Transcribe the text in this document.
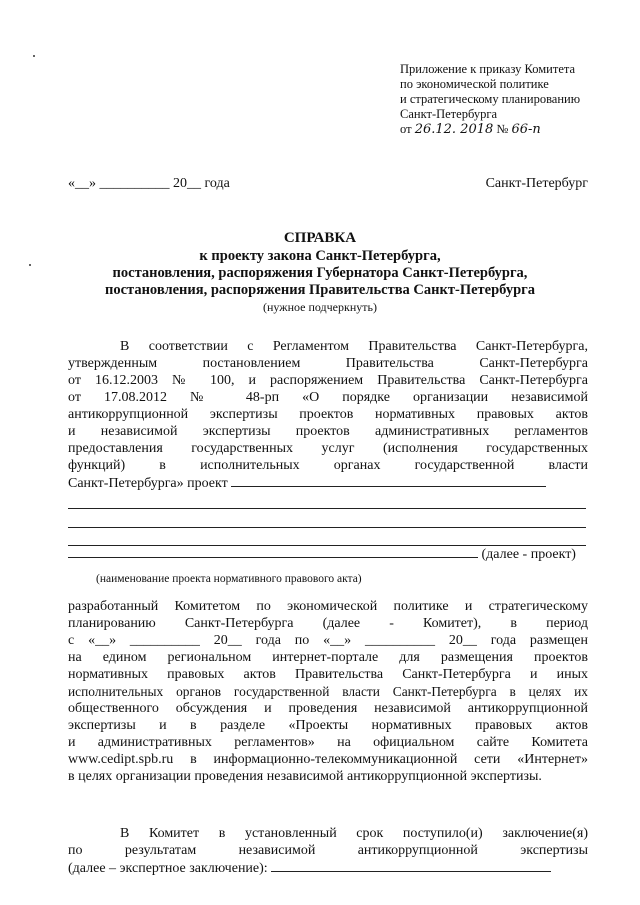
Приложение к приказу Комитета
по экономической политике
и стратегическому планированию
Санкт-Петербурга
от 26.12. 2018 № 66-п
«__» __________ 20__ года	Санкт-Петербург
СПРАВКА
к проекту закона Санкт-Петербурга,
постановления, распоряжения Губернатора Санкт-Петербурга,
постановления, распоряжения Правительства Санкт-Петербурга
(нужное подчеркнуть)
В соответствии с Регламентом Правительства Санкт-Петербурга,
утвержденным постановлением Правительства Санкт-Петербурга
от 16.12.2003 № 100, и распоряжением Правительства Санкт-Петербурга
от 17.08.2012 № 48-рп «О порядке организации независимой
антикоррупционной экспертизы проектов нормативных правовых актов
и независимой экспертизы проектов административных регламентов
предоставления государственных услуг (исполнения государственных
функций) в исполнительных органах государственной власти
Санкт-Петербурга» проект
(далее - проект)
(наименование проекта нормативного правового акта)
разработанный Комитетом по экономической политике и стратегическому
планированию Санкт-Петербурга (далее - Комитет), в период
с «__» __________ 20__ года по «__» __________ 20__ года размещен
на едином региональном интернет-портале для размещения проектов
нормативных правовых актов Правительства Санкт-Петербурга и иных
исполнительных органов государственной власти Санкт-Петербурга в целях их
общественного обсуждения и проведения независимой антикоррупционной
экспертизы и в разделе «Проекты нормативных правовых актов
и административных регламентов» на официальном сайте Комитета
www.cedipt.spb.ru в информационно-телекоммуникационной сети «Интернет»
в целях организации проведения независимой антикоррупционной экспертизы.
В Комитет в установленный срок поступило(и) заключение(я)
по результатам независимой антикоррупционной экспертизы
(далее – экспертное заключение):
